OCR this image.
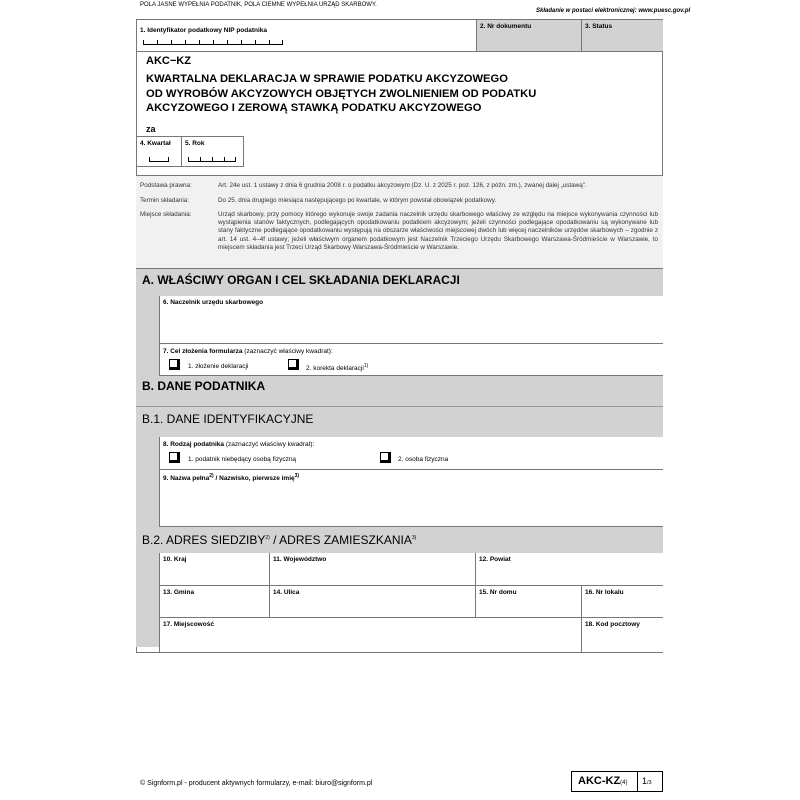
POLA JASNE WYPEŁNIA PODATNIK, POLA CIEMNE WYPEŁNIA URZĄD SKARBOWY.
Składanie w postaci elektronicznej: www.puesc.gov.pl
1. Identyfikator podatkowy NIP podatnika
2. Nr dokumentu	3. Status
AKC−KZ
KWARTALNA DEKLARACJA W SPRAWIE PODATKU AKCYZOWEGO
OD WYROBÓW AKCYZOWYCH OBJĘTYCH ZWOLNIENIEM OD PODATKU
AKCYZOWEGO I ZEROWĄ STAWKĄ PODATKU AKCYZOWEGO
za
4. Kwartał 5. Rok
Podstawa prawna:	Art. 24e ust. 1 ustawy z dnia 6 grudnia 2008 r. o podatku akcyzowym (Dz. U. z 2025 r. poz. 126, z późn. zm.), zwanej dalej „ustawą”.
Termin składania:	Do 25. dnia drugiego miesiąca następującego po kwartale, w którym powstał obowiązek podatkowy.
Miejsce składania:	Urząd skarbowy, przy pomocy którego wykonuje swoje zadania naczelnik urzędu skarbowego właściwy ze względu na miejsce wykonywania czynności lub wystąpienia stanów faktycznych, podlegających opodatkowaniu podatkiem akcyzowym; jeżeli czynności podlegające opodatkowaniu są wykonywane lub stany faktyczne podlegające opodatkowaniu występują na obszarze właściwości miejscowej dwóch lub więcej naczelników urzędów skarbowych – zgodnie z art. 14 ust. 4–4f ustawy; jeżeli właściwym organem podatkowym jest Naczelnik Trzeciego Urzędu Skarbowego Warszawa-Śródmieście w Warszawie, to miejscem składania jest Trzeci Urząd Skarbowy Warszawa-Śródmieście w Warszawie.
A. WŁAŚCIWY ORGAN I CEL SKŁADANIA DEKLARACJI
6. Naczelnik urzędu skarbowego
7. Cel złożenia formularza (zaznaczyć właściwy kwadrat):
1. złożenie deklaracji	2. korekta deklaracji$^{1)}$
B. DANE PODATNIKA
B.1. DANE IDENTYFIKACYJNE
8. Rodzaj podatnika (zaznaczyć właściwy kwadrat):
1. podatnik niebędący osobą fizyczną	2. osoba fizyczna
9. Nazwa pełna$^{2)}$ / Nazwisko, pierwsze imię$^{3)}$
B.2. ADRES SIEDZIBY$^{2)}$ / ADRES ZAMIESZKANIA$^{3)}$
10. Kraj	11. Województwo	12. Powiat
13. Gmina	14. Ulica	15. Nr domu	16. Nr lokalu
17. Miejscowość	18. Kod pocztowy
© Signform.pl - producent aktywnych formularzy, e-mail: biuro@signform.pl	AKC-KZ(4)	1/3
